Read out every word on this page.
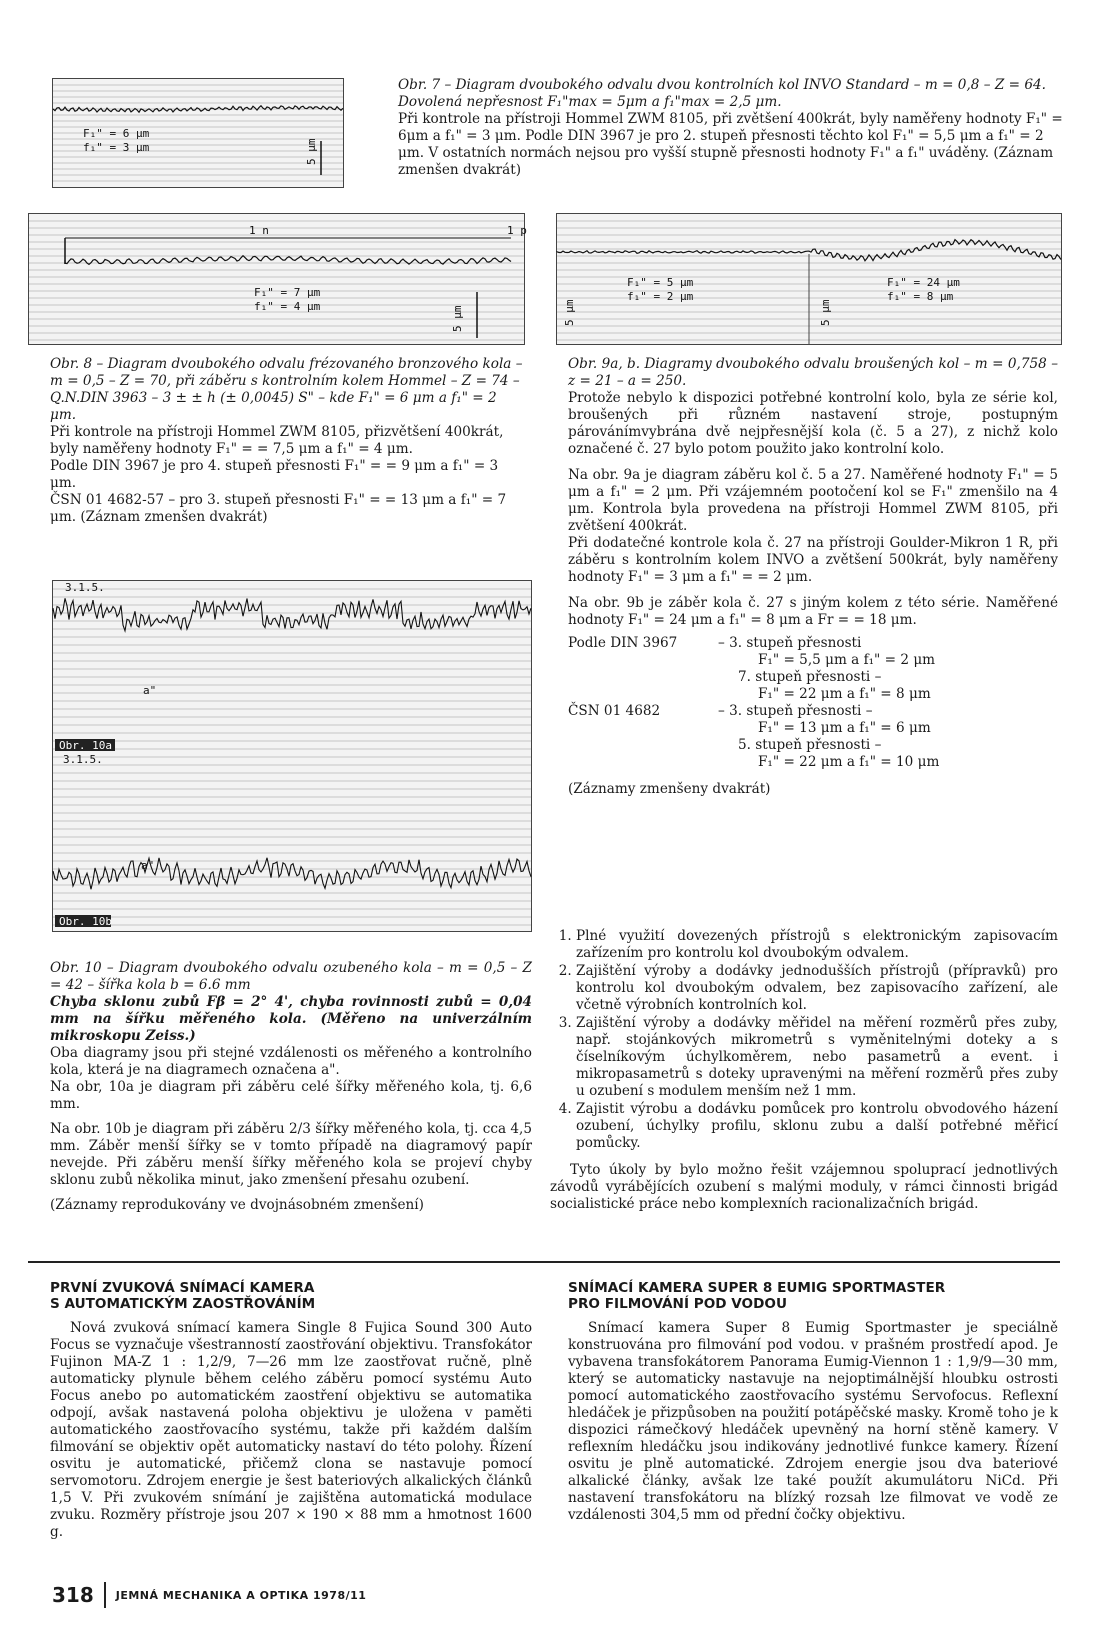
F₁" = 6 μm
f₁" = 3 μm	5 μm
Obr. 7 – Diagram dvoubokého odvalu dvou kontrolních kol INVO Standard – m = 0,8 – Z = 64. Dovolená nepřesnost F₁"max = 5μm a f₁"max = 2,5 μm.
Při kontrole na přístroji Hommel ZWM 8105, při zvětšení 400krát, byly naměřeny hodnoty F₁" = 6μm a f₁" = 3 μm. Podle DIN 3967 je pro 2. stupeň přesnosti těchto kol F₁" = 5,5 μm a f₁" = 2 μm. V ostatních normách nejsou pro vyšší stupně přesnosti hodnoty F₁" a f₁" uváděny. (Záznam zmenšen dvakrát)
1 n	1 p
F₁" = 7 μm
f₁" = 4 μm	5 μm
Obr. 8 – Diagram dvoubokého odvalu frézovaného bronzového kola – m = 0,5 – Z = 70, při záběru s kontrolním kolem Hommel – Z = 74 – Q.N.DIN 3963 – 3 ± ± h (± 0,0045) S" – kde F₁" = 6 μm a f₁" = 2 μm.
Při kontrole na přístroji Hommel ZWM 8105, přizvětšení 400krát, byly naměřeny hodnoty F₁" = = 7,5 μm a f₁" = 4 μm.
Podle DIN 3967 je pro 4. stupeň přesnosti F₁" = = 9 μm a f₁" = 3 μm.
ČSN 01 4682-57 – pro 3. stupeň přesnosti F₁" = = 13 μm a f₁" = 7 μm. (Záznam zmenšen dvakrát)
F₁" = 5 μm
f₁" = 2 μm
F₁" = 24 μm
f₁" = 8 μm
5 μm	5 μm

Obr. 9a, b. Diagramy dvoubokého odvalu broušených kol – m = 0,758 – z = 21 – a = 250.

Protože nebylo k dispozici potřebné kontrolní kolo, byla ze série kol, broušených při různém nastavení stroje, postupným párovánímvybrána dvě nejpřesnější kola (č. 5 a 27), z nichž kolo označené č. 27 bylo potom použito jako kontrolní kolo.

Na obr. 9a je diagram záběru kol č. 5 a 27. Naměřené hodnoty F₁" = 5 μm a f₁" = 2 μm. Při vzájemném pootočení kol se F₁" zmenšilo na 4 μm. Kontrola byla provedena na přístroji Hommel ZWM 8105, při zvětšení 400krát.

Při dodatečné kontrole kola č. 27 na přístroji Goulder-Mikron 1 R, při záběru s kontrolním kolem INVO a zvětšení 500krát, byly naměřeny hodnoty F₁" = 3 μm a f₁" = = 2 μm.

Na obr. 9b je záběr kola č. 27 s jiným kolem z této série. Naměřené hodnoty F₁" = 24 μm a f₁" = 8 μm a Fr = = 18 μm.

Podle DIN 3967	– 3. stupeň přesnosti
	F₁" = 5,5 μm a f₁" = 2 μm
	7. stupeň přesnosti –
	F₁" = 22 μm a f₁" = 8 μm
ČSN 01 4682	– 3. stupeň přesnosti –
	F₁" = 13 μm a f₁" = 6 μm
	5. stupeň přesnosti –
	F₁" = 22 μm a f₁" = 10 μm

(Záznamy zmenšeny dvakrát)

3.1.5.
a"
Obr. 10a
3.1.5.
a"
Obr. 10b

Obr. 10 – Diagram dvoubokého odvalu ozubeného kola – m = 0,5 – Z = 42 – šířka kola b = 6.6 mm

Chyba sklonu zubů Fβ = 2° 4', chyba rovinnosti zubů = 0,04 mm na šířku měřeného kola. (Měřeno na univerzálním mikroskopu Zeiss.)

Oba diagramy jsou při stejné vzdálenosti os měřeného a kontrolního kola, která je na diagramech označena a".

Na obr, 10a je diagram při záběru celé šířky měřeného kola, tj. 6,6 mm.

Na obr. 10b je diagram při záběru 2/3 šířky měřeného kola, tj. cca 4,5 mm. Záběr menší šířky se v tomto případě na diagramový papír nevejde. Při záběru menší šířky měřeného kola se projeví chyby sklonu zubů několika minut, jako zmenšení přesahu ozubení.

(Záznamy reprodukovány ve dvojnásobném zmenšení)

1. Plné využití dovezených přístrojů s elektronickým zapisovacím zařízením pro kontrolu kol dvoubokým odvalem.
2. Zajištění výroby a dodávky jednodušších přístrojů (přípravků) pro kontrolu kol dvoubokým odvalem, bez zapisovacího zařízení, ale včetně výrobních kontrolních kol.
3. Zajištění výroby a dodávky měřidel na měření rozměrů přes zuby, např. stojánkových mikrometrů s vyměnitelnými doteky a s číselníkovým úchylkoměrem, nebo pasametrů a event. i mikropasametrů s doteky upravenými na měření rozměrů přes zuby u ozubení s modulem menším než 1 mm.
4. Zajistit výrobu a dodávku pomůcek pro kontrolu obvodového házení ozubení, úchylky profilu, sklonu zubu a další potřebné měřicí pomůcky.

Tyto úkoly by bylo možno řešit vzájemnou spoluprací jednotlivých závodů vyrábějících ozubení s malými moduly, v rámci činnosti brigád socialistické práce nebo komplexních racionalizačních brigád.

PRVNÍ ZVUKOVÁ SNÍMACÍ KAMERA

S AUTOMATICKÝM ZAOSTŘOVÁNÍM

Nová zvuková snímací kamera Single 8 Fujica Sound 300 Auto Focus se vyznačuje všestranností zaostřování objektivu. Transfokátor Fujinon MA-Z 1 : 1,2/9, 7—26 mm lze zaostřovat ručně, plně automaticky plynule během celého záběru pomocí systému Auto Focus anebo po automatickém zaostření objektivu se automatika odpojí, avšak nastavená poloha objektivu je uložena v paměti automatického zaostřovacího systému, takže při každém dalším filmování se objektiv opět automaticky nastaví do této polohy. Řízení osvitu je automatické, přičemž clona se nastavuje pomocí servomotoru. Zdrojem energie je šest bateriových alkalických článků 1,5 V. Při zvukovém snímání je zajištěna automatická modulace zvuku. Rozměry přístroje jsou 207 × 190 × 88 mm a hmotnost 1600 g.

SNÍMACÍ KAMERA SUPER 8 EUMIG SPORTMASTER

PRO FILMOVÁNÍ POD VODOU

Snímací kamera Super 8 Eumig Sportmaster je speciálně konstruována pro filmování pod vodou. v prašném prostředí apod. Je vybavena transfokátorem Panorama Eumig-Viennon 1 : 1,9/9—30 mm, který se automaticky nastavuje na nejoptimálnější hloubku ostrosti pomocí automatického zaostřovacího systému Servofocus. Reflexní hledáček je přizpůsoben na použití potápěčské masky. Kromě toho je k dispozici rámečkový hledáček upevněný na horní stěně kamery. V reflexním hledáčku jsou indikovány jednotlivé funkce kamery. Řízení osvitu je plně automatické. Zdrojem energie jsou dva bateriové alkalické články, avšak lze také použít akumulátoru NiCd. Při nastavení transfokátoru na blízký rozsah lze filmovat ve vodě ze vzdálenosti 304,5 mm od přední čočky objektivu.

318 JEMNÁ MECHANIKA A OPTIKA 1978/11
